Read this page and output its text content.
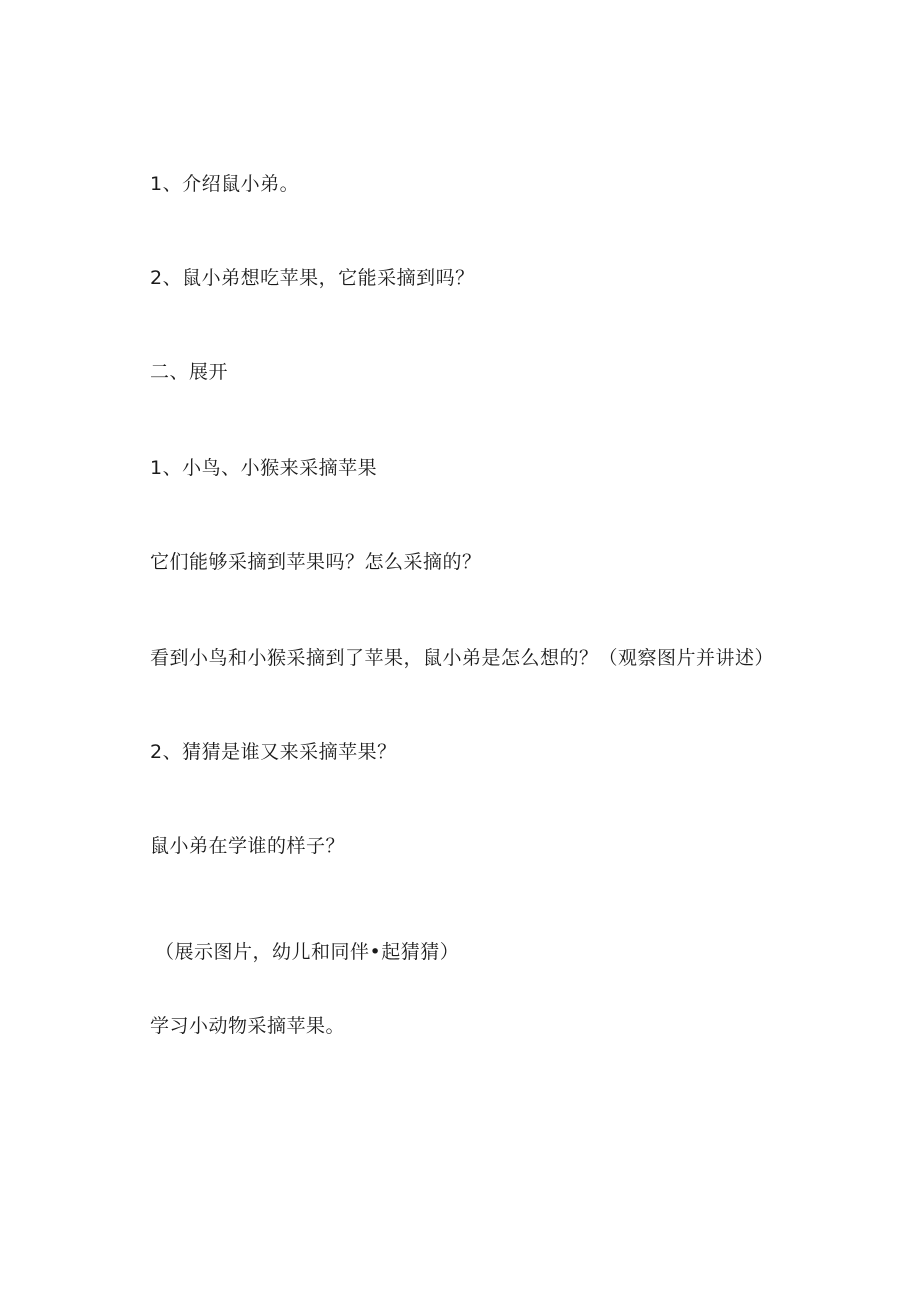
1、介绍鼠小弟。
2、鼠小弟想吃苹果，它能采摘到吗？
二、展开
1、小鸟、小猴来采摘苹果
它们能够采摘到苹果吗？怎么采摘的？
看到小鸟和小猴采摘到了苹果，鼠小弟是怎么想的？（观察图片并讲述）
2、猜猜是谁又来采摘苹果？
鼠小弟在学谁的样子？
（展示图片，幼儿和同伴•起猜猜）
学习小动物采摘苹果。
